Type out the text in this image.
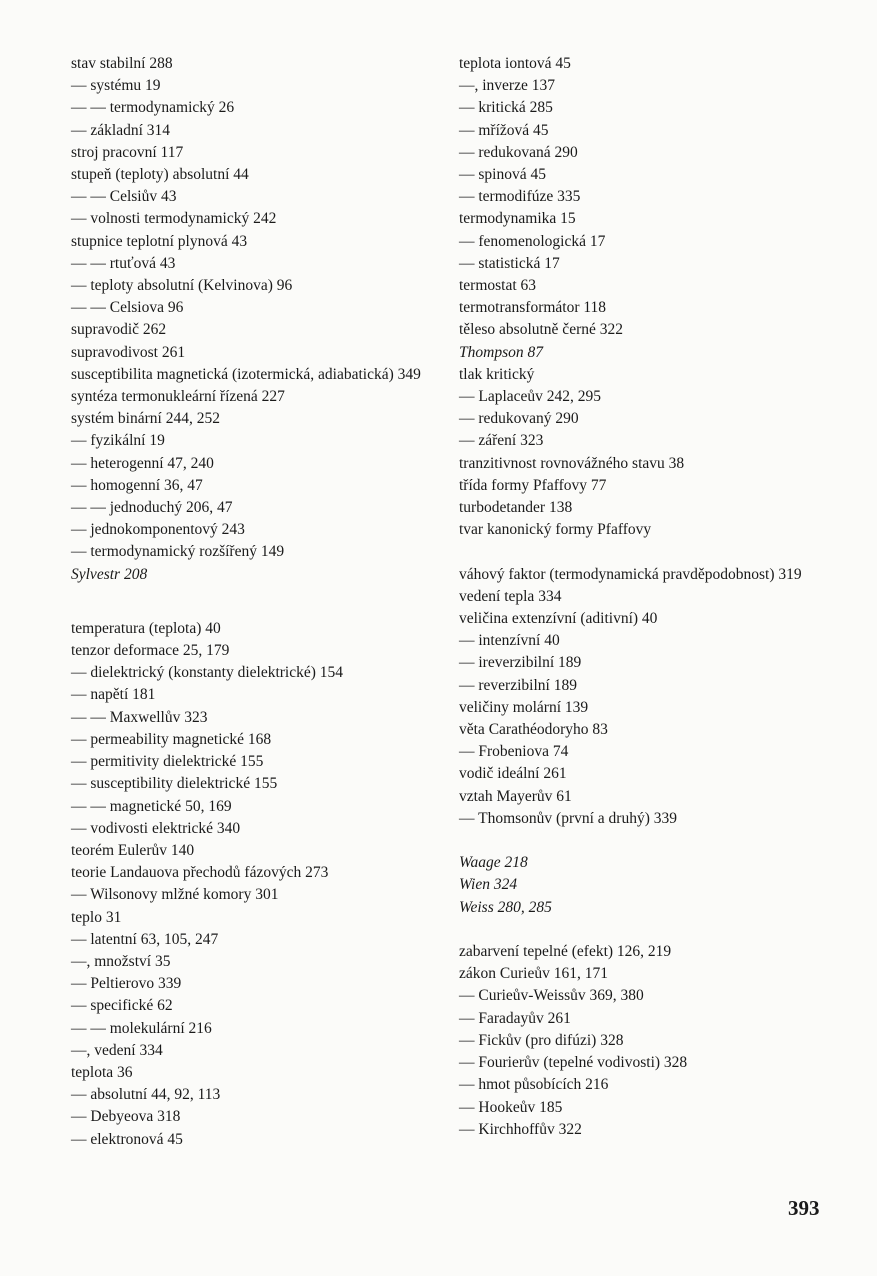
stav stabilní 288
— systému 19
— — termodynamický 26
— základní 314
stroj pracovní 117
stupeň (teploty) absolutní 44
— — Celsiův 43
— volnosti termodynamický 242
stupnice teplotní plynová 43
— — rtuťová 43
— teploty absolutní (Kelvinova) 96
— — Celsiova 96
supravodič 262
supravodivost 261
susceptibilita magnetická (izotermická, adiabatická) 349
syntéza termonukleární řízená 227
systém binární 244, 252
— fyzikální 19
— heterogenní 47, 240
— homogenní 36, 47
— — jednoduchý 206, 47
— jednokomponentový 243
— termodynamický rozšířený 149
Sylvestr 208
temperatura (teplota) 40
tenzor deformace 25, 179
— dielektrický (konstanty dielektrické) 154
— napětí 181
— — Maxwellův 323
— permeability magnetické 168
— permitivity dielektrické 155
— susceptibility dielektrické 155
— — magnetické 50, 169
— vodivosti elektrické 340
teorém Eulerův 140
teorie Landauova přechodů fázových 273
— Wilsonovy mlžné komory 301
teplo 31
— latentní 63, 105, 247
—, množství 35
— Peltierovo 339
— specifické 62
— — molekulární 216
—, vedení 334
teplota 36
— absolutní 44, 92, 113
— Debyeova 318
— elektronová 45
teplota iontová 45
—, inverze 137
— kritická 285
— mřížová 45
— redukovaná 290
— spinová 45
— termodifúze 335
termodynamika 15
— fenomenologická 17
— statistická 17
termostat 63
termotransformátor 118
těleso absolutně černé 322
Thompson 87
tlak kritický
— Laplaceův 242, 295
— redukovaný 290
— záření 323
tranzitivnost rovnovážného stavu 38
třída formy Pfaffovy 77
turbodetander 138
tvar kanonický formy Pfaffovy
váhový faktor (termodynamická pravděpodobnost) 319
vedení tepla 334
veličina extenzívní (aditivní) 40
— intenzívní 40
— ireverzibilní 189
— reverzibilní 189
veličiny molární 139
věta Carathéodoryho 83
— Frobeniova 74
vodič ideální 261
vztah Mayerův 61
— Thomsonův (první a druhý) 339
Waage 218
Wien 324
Weiss 280, 285
zabarvení tepelné (efekt) 126, 219
zákon Curieův 161, 171
— Curieův-Weissův 369, 380
— Faradayův 261
— Fickův (pro difúzi) 328
— Fourierův (tepelné vodivosti) 328
— hmot působících 216
— Hookeův 185
— Kirchhoffův 322
393
